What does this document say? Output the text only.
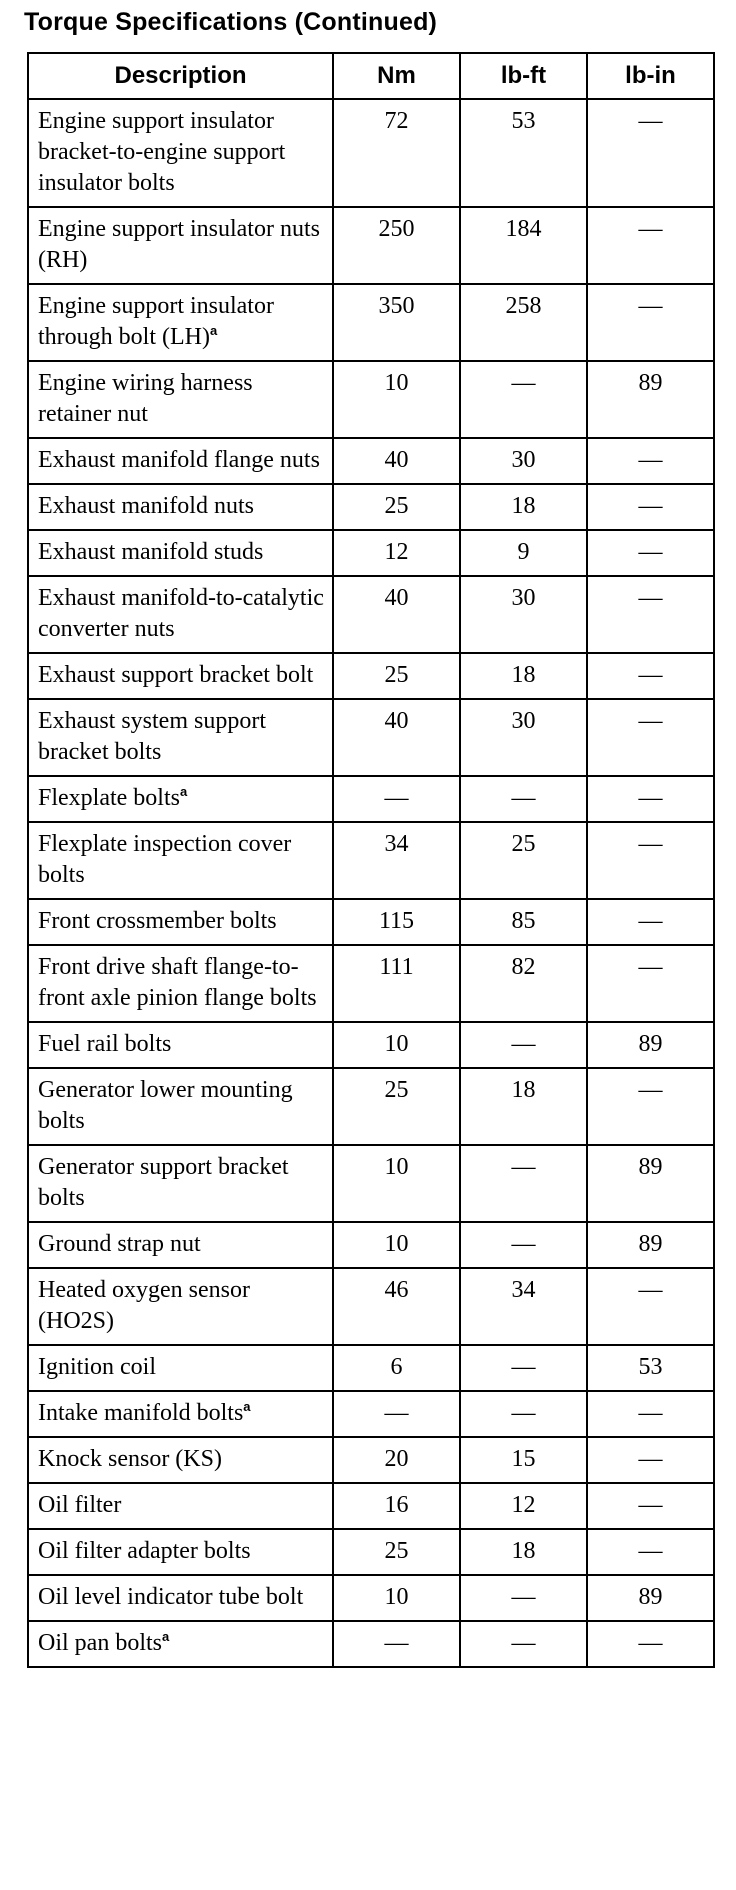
Torque Specifications (Continued)
Description	Nm	lb-ft	lb-in
Engine support insulator bracket-to-engine support insulator bolts	72	53	—
Engine support insulator nuts (RH)	250	184	—
Engine support insulator through bolt (LH)$^a$	350	258	—
Engine wiring harness retainer nut	10	—	89
Exhaust manifold flange nuts	40	30	—
Exhaust manifold nuts	25	18	—
Exhaust manifold studs	12	9	—
Exhaust manifold-to-catalytic converter nuts	40	30	—
Exhaust support bracket bolt	25	18	—
Exhaust system support bracket bolts	40	30	—
Flexplate bolts$^a$	—	—	—
Flexplate inspection cover bolts	34	25	—
Front crossmember bolts	115	85	—
Front drive shaft flange-to-front axle pinion flange bolts	111	82	—
Fuel rail bolts	10	—	89
Generator lower mounting bolts	25	18	—
Generator support bracket bolts	10	—	89
Ground strap nut	10	—	89
Heated oxygen sensor (HO2S)	46	34	—
Ignition coil	6	—	53
Intake manifold bolts$^a$	—	—	—
Knock sensor (KS)	20	15	—
Oil filter	16	12	—
Oil filter adapter bolts	25	18	—
Oil level indicator tube bolt	10	—	89
Oil pan bolts$^a$	—	—	—
